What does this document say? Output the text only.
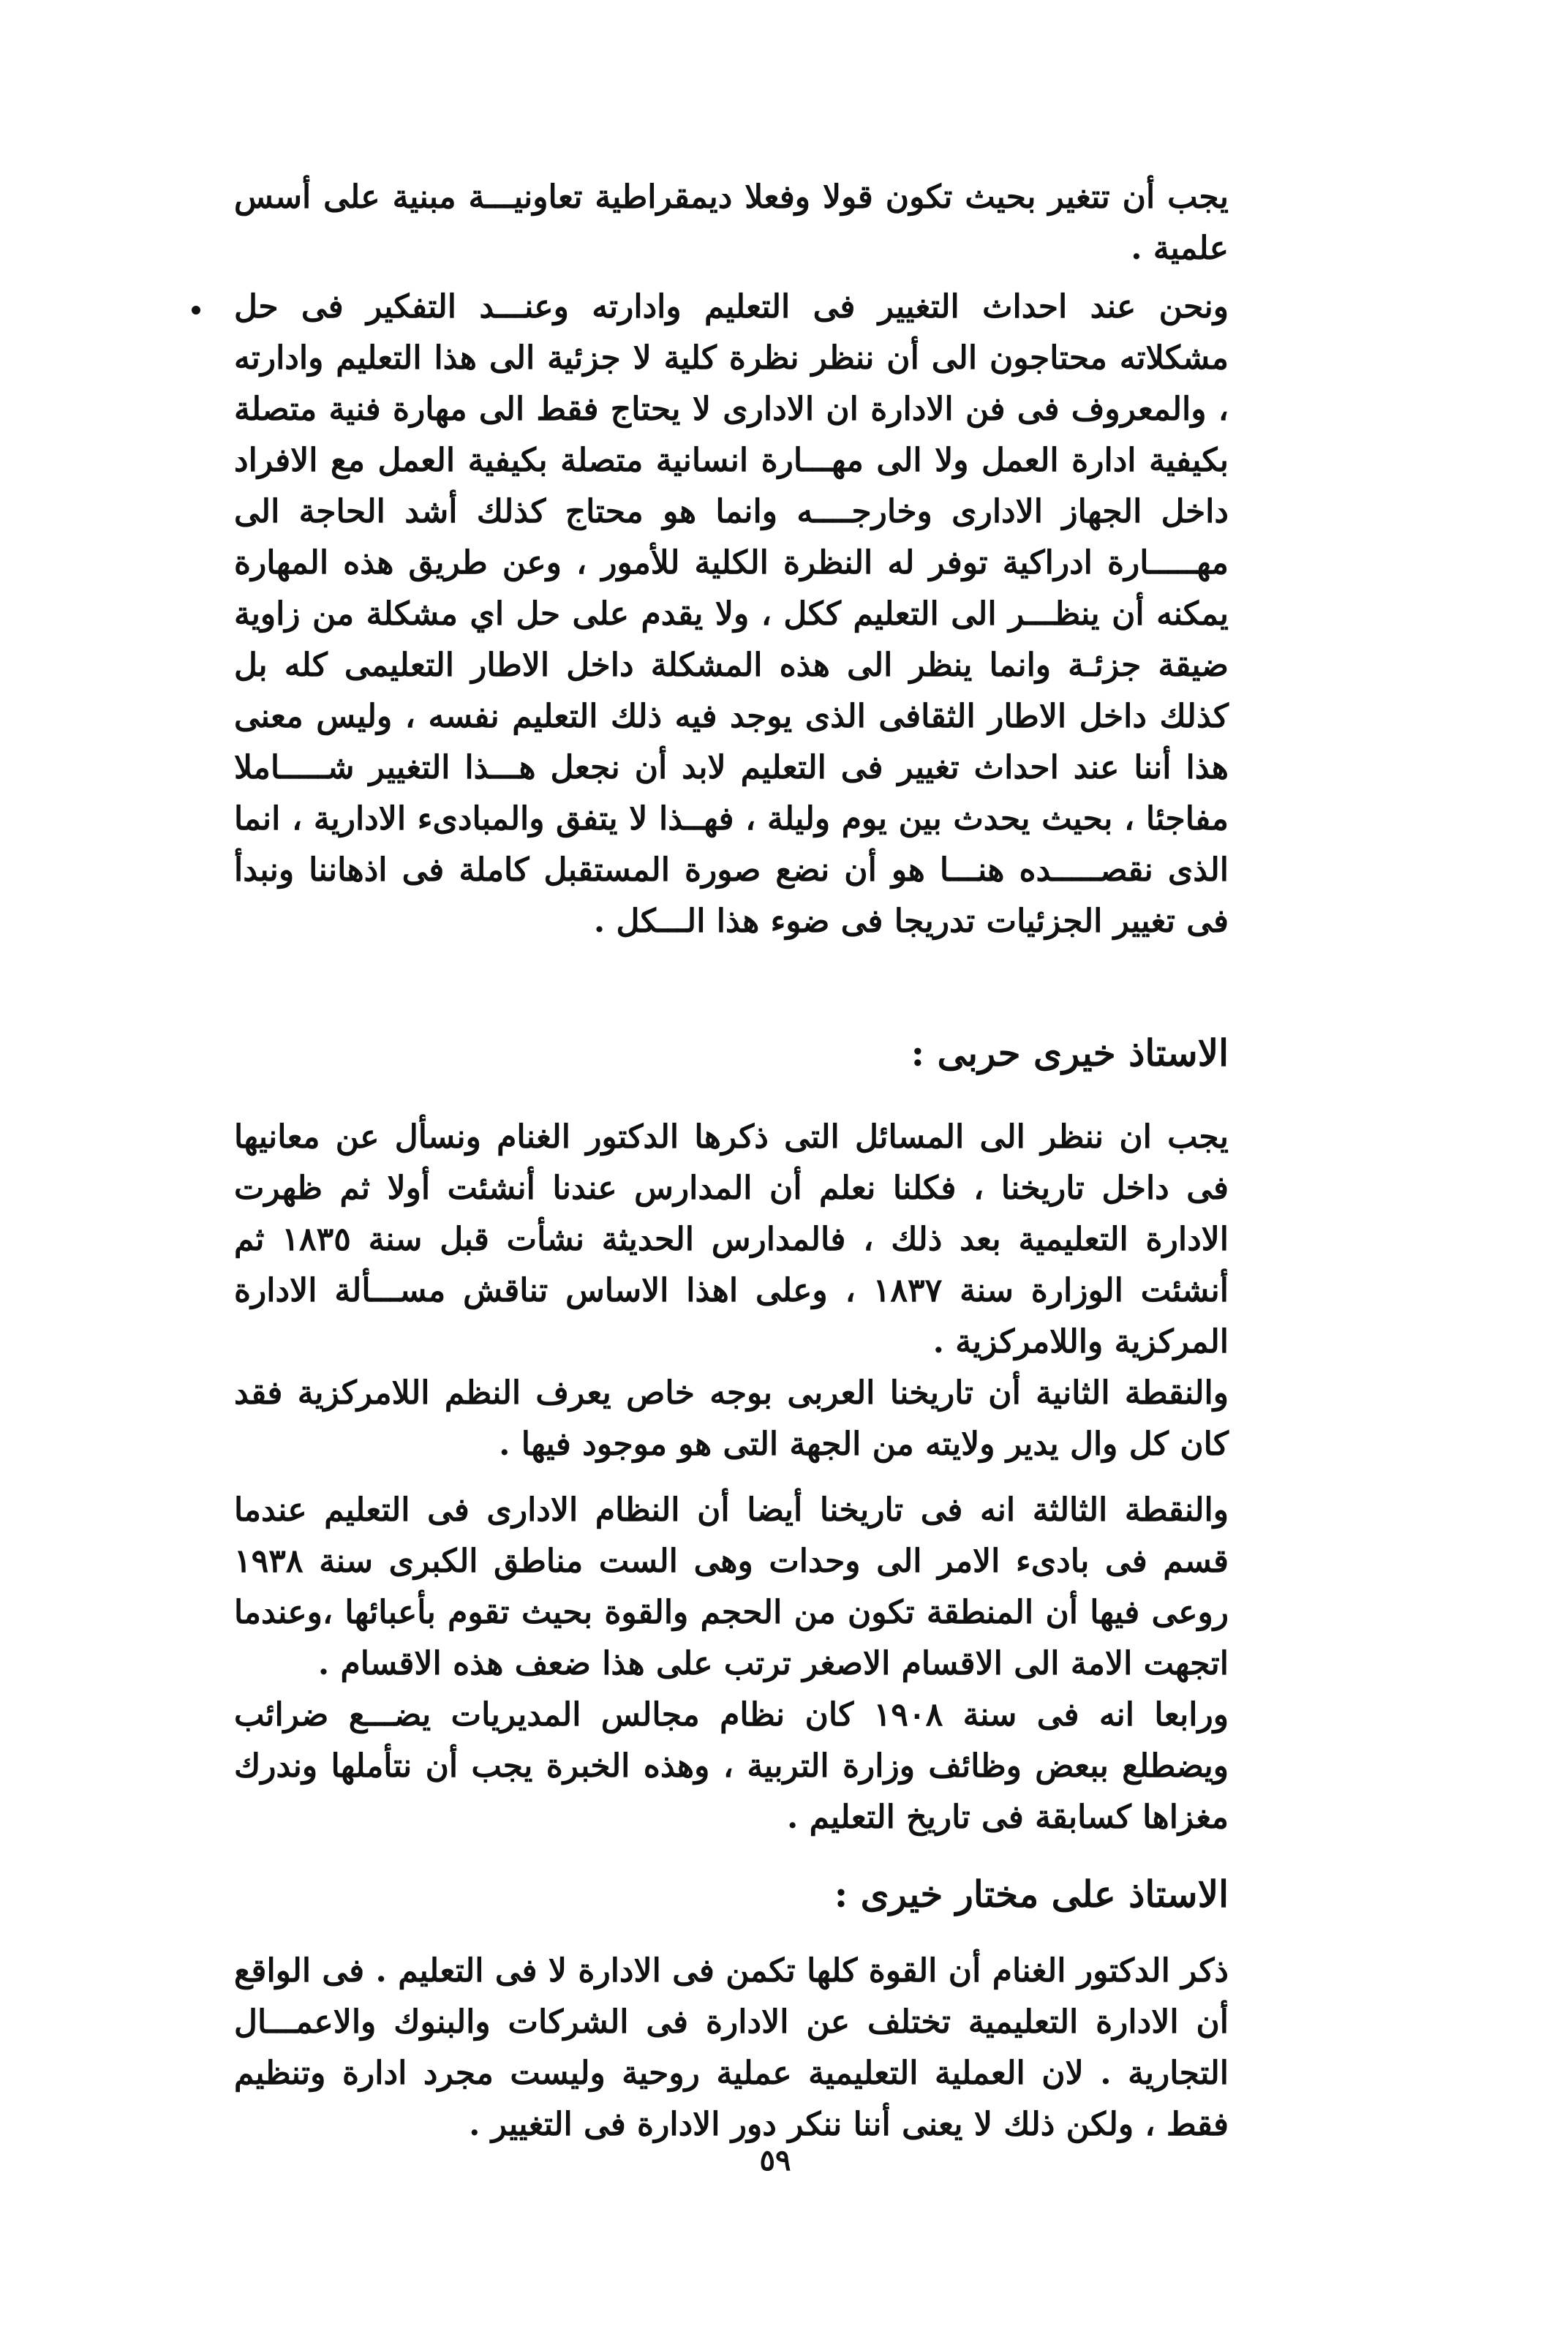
يجب أن تتغير بحيث تكون قولا وفعلا ديمقراطية تعاونيـــة مبنية على أسس علمية .

ونحن عند احداث التغيير فى التعليم وادارته وعنـــد التفكير فى حل مشكلاته محتاجون الى أن ننظر نظرة كلية لا جزئية الى هذا التعليم وادارته ، والمعروف فى فن الادارة ان الادارى لا يحتاج فقط الى مهارة فنية متصلة بكيفية ادارة العمل ولا الى مهـــارة انسانية متصلة بكيفية العمل مع الافراد داخل الجهاز الادارى وخارجــــه وانما هو محتاج كذلك أشد الحاجة الى مهـــــارة ادراكية توفر له النظرة الكلية للأمور ، وعن طريق هذه المهارة يمكنه أن ينظـــر الى التعليم ككل ، ولا يقدم على حل اي مشكلة من زاوية ضيقة جزئـة وانما ينظر الى هذه المشكلة داخل الاطار التعليمى كله بل كذلك داخل الاطار الثقافى الذى يوجد فيه ذلك التعليم نفسه ، وليس معنى هذا أننا عند احداث تغيير فى التعليم لابد أن نجعل هـــذا التغيير شـــــاملا مفاجئا ، بحيث يحدث بين يوم وليلة ، فهــذا لا يتفق والمبادىء الادارية ، انما الذى نقصـــــده هنـــا هو أن نضع صورة المستقبل كاملة فى اذهاننا ونبدأ فى تغيير الجزئيات تدريجا فى ضوء هذا الـــكل .

الاستاذ خيرى حربى :

يجب ان ننظر الى المسائل التى ذكرها الدكتور الغنام ونسأل عن معانيها فى داخل تاريخنا ، فكلنا نعلم أن المدارس عندنا أنشئت أولا ثم ظهرت الادارة التعليمية بعد ذلك ، فالمدارس الحديثة نشأت قبل سنة ١٨٣٥ ثم أنشئت الوزارة سنة ١٨٣٧ ، وعلى اهذا الاساس تناقش مســـألة الادارة المركزية واللامركزية .

والنقطة الثانية أن تاريخنا العربى بوجه خاص يعرف النظم اللامركزية فقد كان كل وال يدير ولايته من الجهة التى هو موجود فيها .

والنقطة الثالثة انه فى تاريخنا أيضا أن النظام الادارى فى التعليم عندما قسم فى بادىء الامر الى وحدات وهى الست مناطق الكبرى سنة ١٩٣٨ روعى فيها أن المنطقة تكون من الحجم والقوة بحيث تقوم بأعبائها ،وعندما اتجهت الامة الى الاقسام الاصغر ترتب على هذا ضعف هذه الاقسام .

ورابعا انه فى سنة ١٩٠٨ كان نظام مجالس المديريات يضـــع ضرائب ويضطلع ببعض وظائف وزارة التربية ، وهذه الخبرة يجب أن نتأملها وندرك مغزاها كسابقة فى تاريخ التعليم .

الاستاذ على مختار خيرى :

ذكر الدكتور الغنام أن القوة كلها تكمن فى الادارة لا فى التعليم . فى الواقع أن الادارة التعليمية تختلف عن الادارة فى الشركات والبنوك والاعمـــال التجارية . لان العملية التعليمية عملية روحية وليست مجرد ادارة وتنظيم فقط ، ولكن ذلك لا يعنى أننا ننكر دور الادارة فى التغيير .

٥٩
